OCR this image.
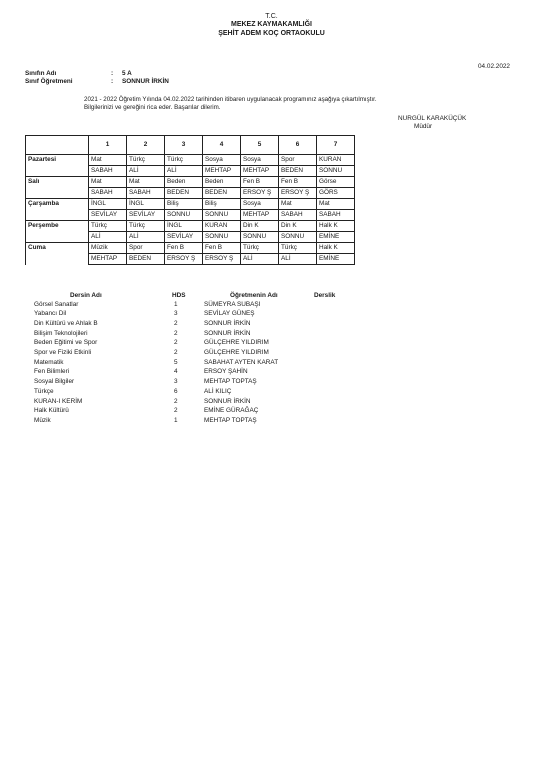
T.C.
MEKEZ KAYMAKAMLIĞI
ŞEHİT ADEM KOÇ ORTAOKULU
04.02.2022
Sınıfın Adı	: 5 A
Sınıf Öğretmeni	: SONNUR İRKİN
2021 - 2022 Öğretim Yılında 04.02.2022 tarihinden itibaren uygulanacak programınız aşağıya çıkartılmıştır.
Bilgilerinizi ve gereğini rica eder. Başarılar dilerim.
NURGÜL KARAKÜÇÜK
Müdür
	1	2	3	4	5	6	7
Pazartesi	Mat	Türkç	Türkç	Sosya	Sosya	Spor	KURAN
	SABAH	ALİ	ALİ	MEHTAP	MEHTAP	BEDEN	SONNU
Salı	Mat	Mat	Beden	Beden	Fen B	Fen B	Görse
	SABAH	SABAH	BEDEN	BEDEN	ERSOY Ş	ERSOY Ş	GÖRS
Çarşamba	İNGL	İNGL	Biliş	Biliş	Sosya	Mat	Mat
	SEVİLAY	SEVİLAY	SONNU	SONNU	MEHTAP	SABAH	SABAH
Perşembe	Türkç	Türkç	İNGL	KURAN	Din K	Din K	Halk K
	ALİ	ALİ	SEVİLAY	SONNU	SONNU	SONNU	EMİNE
Cuma	Müzik	Spor	Fen B	Fen B	Türkç	Türkç	Halk K
	MEHTAP	BEDEN	ERSOY Ş	ERSOY Ş	ALİ	ALİ	EMİNE
Dersin Adı	HDS	Öğretmenin Adı	Derslik
Görsel Sanatlar	1	SÜMEYRA SUBAŞI
Yabancı Dil	3	SEVİLAY GÜNEŞ
Din Kültürü ve Ahlak B	2	SONNUR İRKİN
Bilişim Teknolojileri	2	SONNUR İRKİN
Beden Eğitimi ve Spor	2	GÜLÇEHRE YILDIRIM
Spor ve Fiziki Etkinli	2	GÜLÇEHRE YILDIRIM
Matematik	5	SABAHAT AYTEN KARAT
Fen Bilimleri	4	ERSOY ŞAHİN
Sosyal Bilgiler	3	MEHTAP TOPTAŞ
Türkçe	6	ALİ KILIÇ
KURAN-I KERİM	2	SONNUR İRKİN
Halk Kültürü	2	EMİNE GÜRAĞAÇ
Müzik	1	MEHTAP TOPTAŞ
